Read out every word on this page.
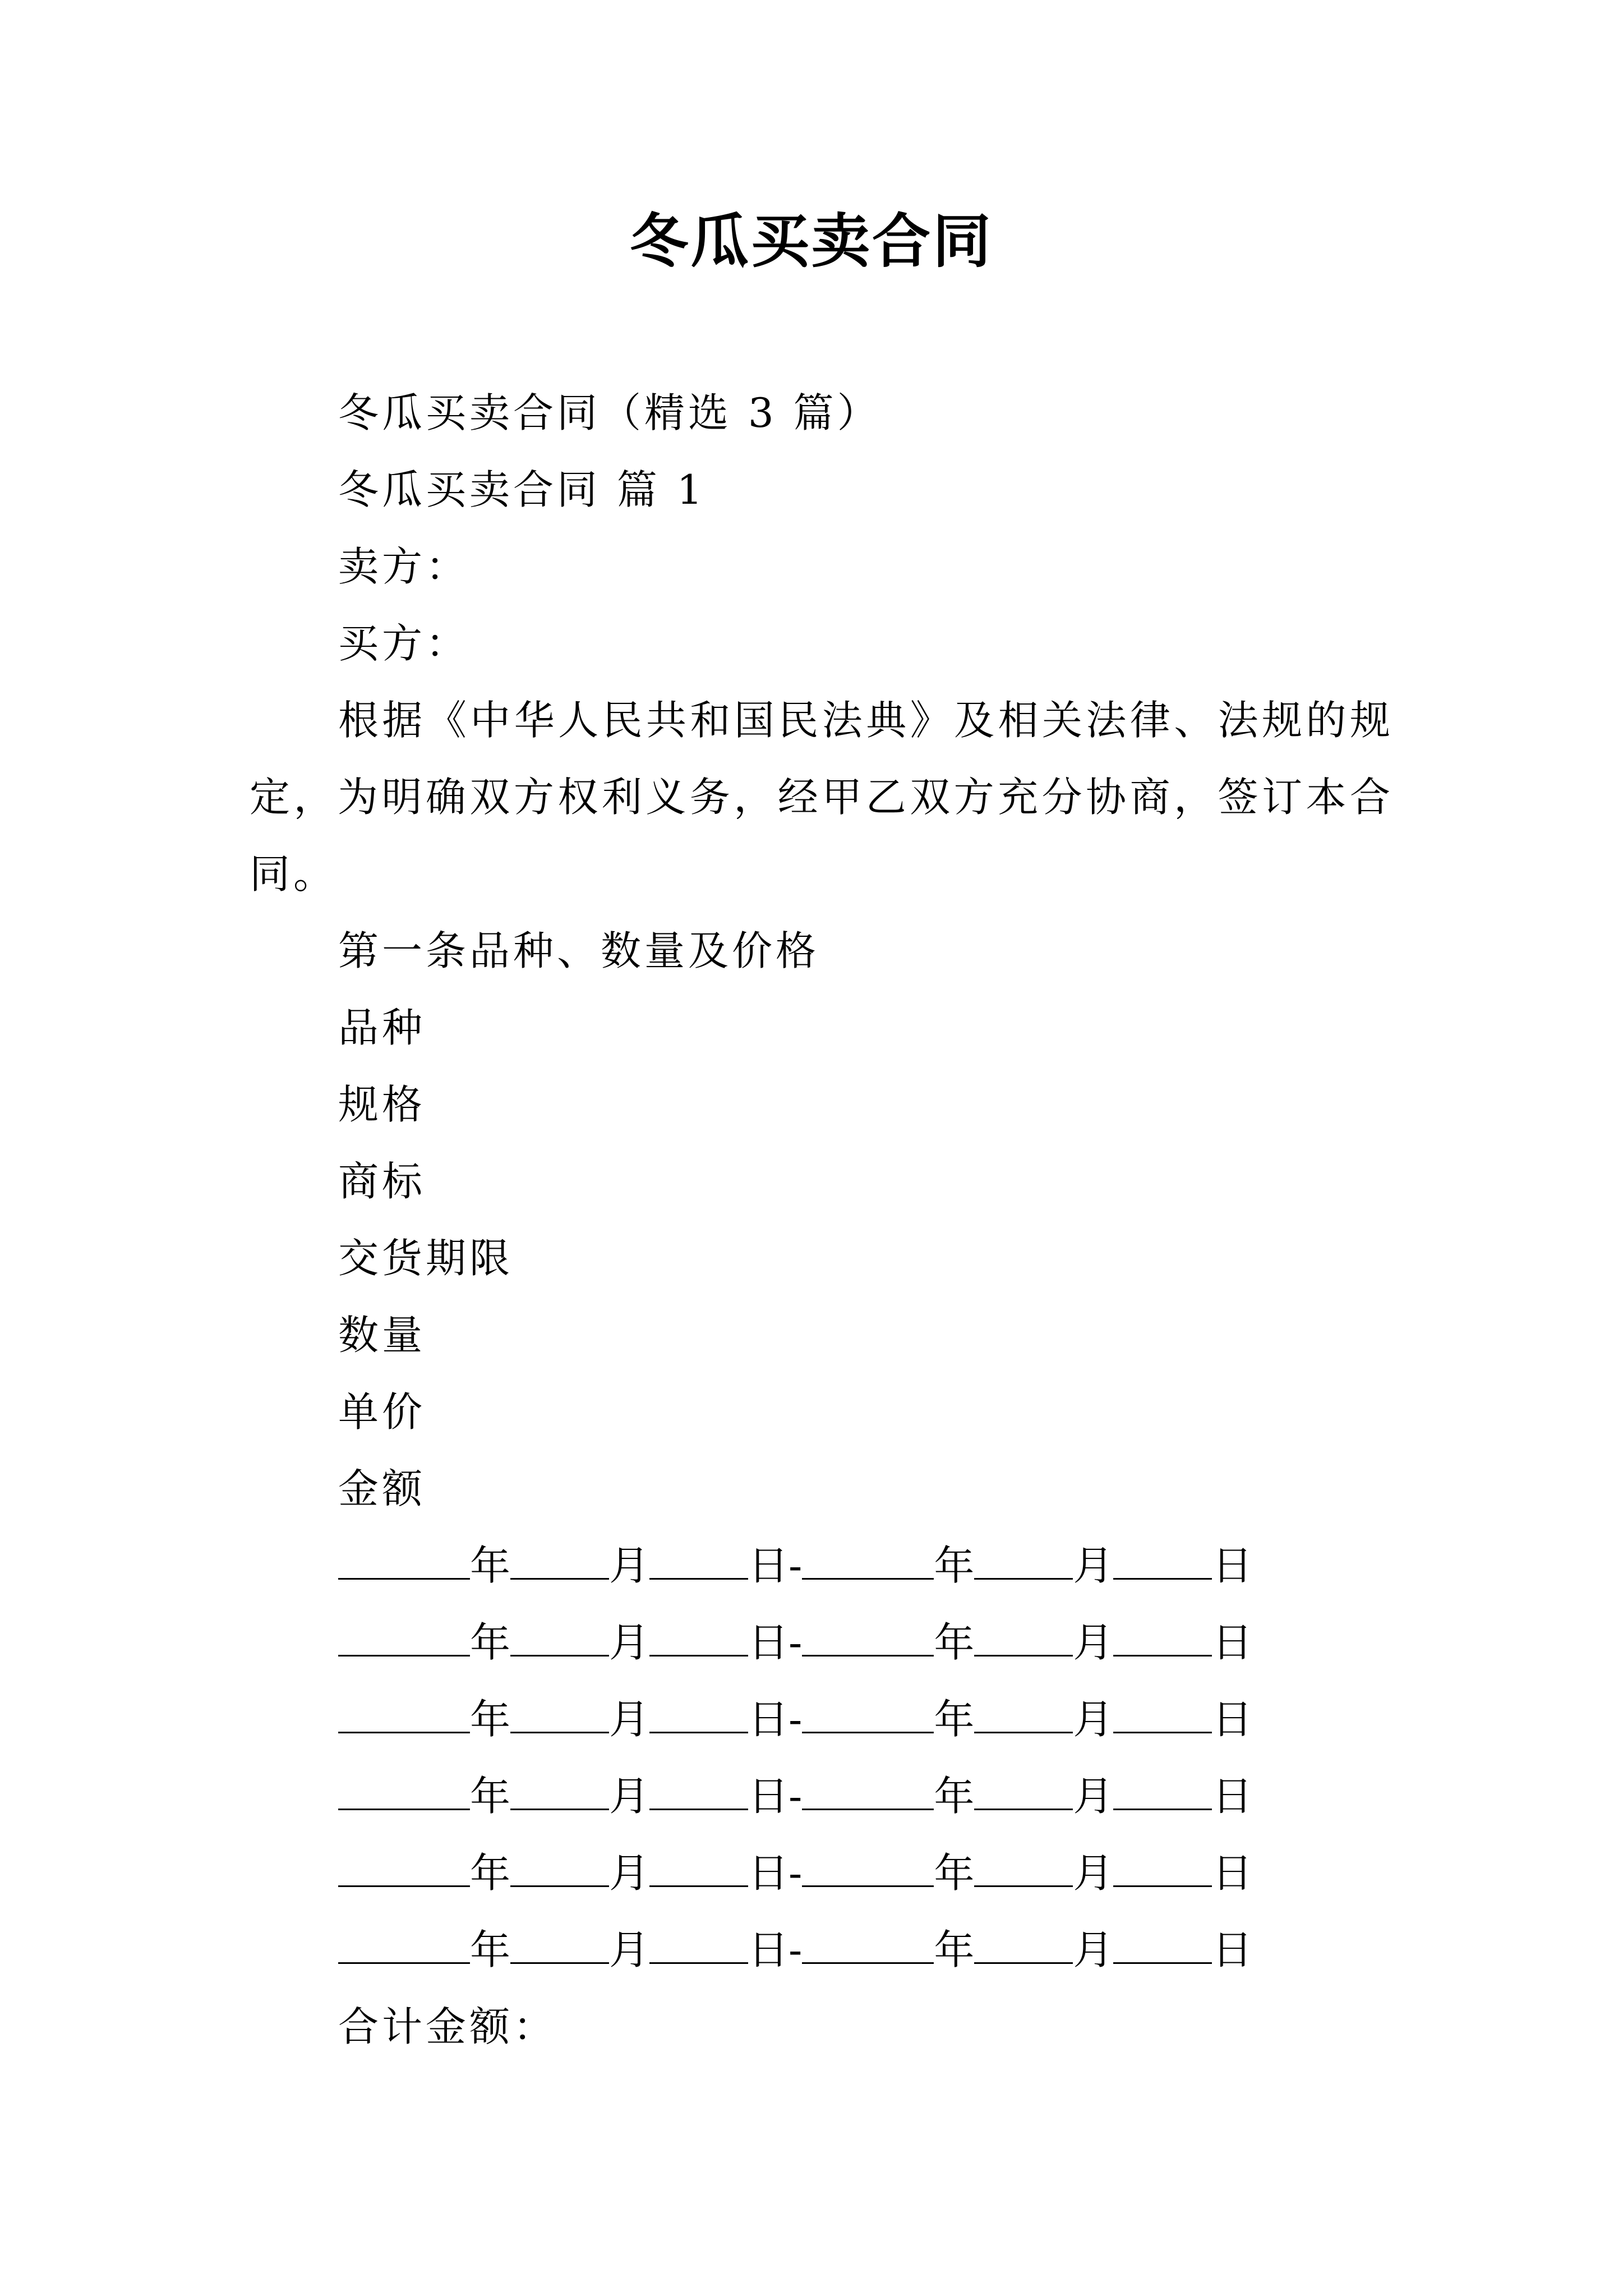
冬瓜买卖合同
冬瓜买卖合同（精选 3 篇）
冬瓜买卖合同 篇 1
卖方：
买方：

根据《中华人民共和国民法典》及相关法律、法规的规定，为明确双方权利义务，经甲乙双方充分协商，签订本合同。

第一条品种、数量及价格
品种
规格
商标
交货期限
数量
单价
金额
年 月 日 -	年 月 日
年 月 日 -	年 月 日
年 月 日 -	年 月 日
年 月 日 -	年 月 日
年 月 日 -	年 月 日
年 月 日 -	年 月 日
合计金额：
